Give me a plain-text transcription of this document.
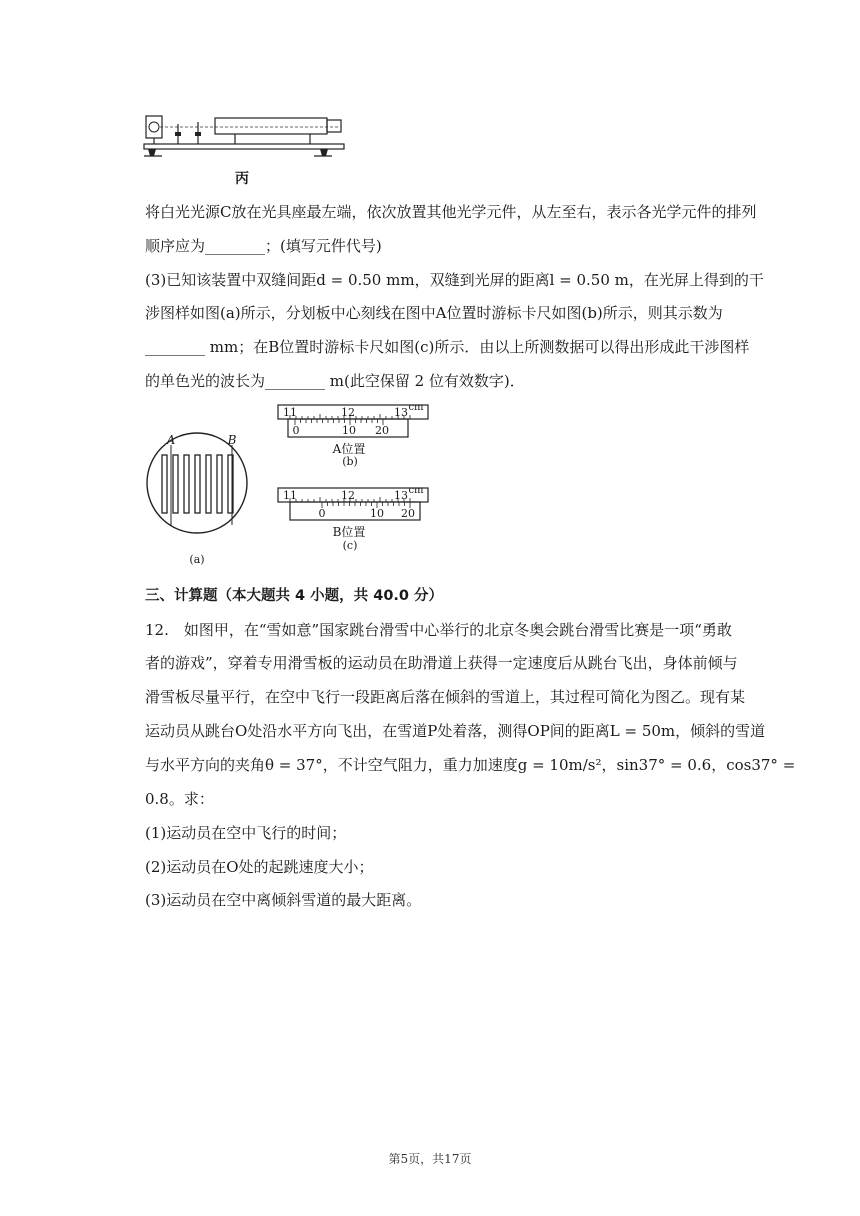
丙
将白光光源C放在光具座最左端，依次放置其他光学元件，从左至右，表示各光学元件的排列
顺序应为________；(填写元件代号)
(3)已知该装置中双缝间距d = 0.50 mm，双缝到光屏的距离l = 0.50 m，在光屏上得到的干
涉图样如图(a)所示，分划板中心刻线在图中A位置时游标卡尺如图(b)所示，则其示数为
________ mm；在B位置时游标卡尺如图(c)所示．由以上所测数据可以得出形成此干涉图样
的单色光的波长为________ m(此空保留 2 位有效数字)．
A	B
(a)
11	12	13 cm
0	10 20
A位置
(b)
11	12	13 cm
0	10 20
B位置
(c)
三、计算题（本大题共 4 小题，共 40.0 分）
12.　如图甲，在“雪如意”国家跳台滑雪中心举行的北京冬奥会跳台滑雪比赛是一项“勇敢
者的游戏”，穿着专用滑雪板的运动员在助滑道上获得一定速度后从跳台飞出，身体前倾与
滑雪板尽量平行，在空中飞行一段距离后落在倾斜的雪道上，其过程可简化为图乙。现有某
运动员从跳台O处沿水平方向飞出，在雪道P处着落，测得OP间的距离L = 50m，倾斜的雪道
与水平方向的夹角θ = 37°，不计空气阻力，重力加速度g = 10m/s²，sin37° = 0.6，cos37° =
0.8。求：
(1)运动员在空中飞行的时间；
(2)运动员在O处的起跳速度大小；
(3)运动员在空中离倾斜雪道的最大距离。
第5页，共17页
